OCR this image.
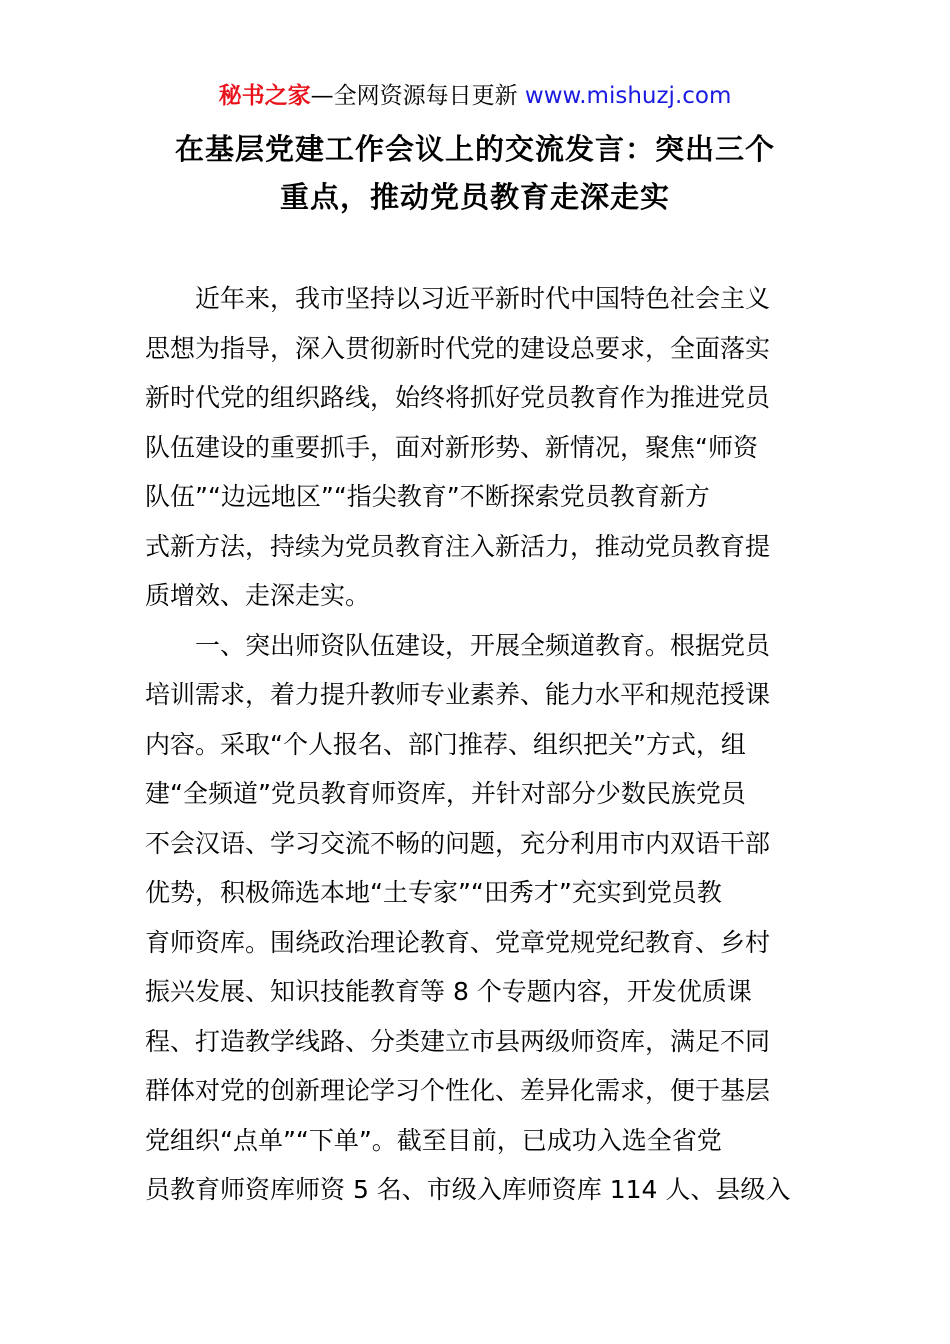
秘书之家—全网资源每日更新 www.mishuzj.com
在基层党建工作会议上的交流发言：突出三个
重点，推动党员教育走深走实
近年来，我市坚持以习近平新时代中国特色社会主义
思想为指导，深入贯彻新时代党的建设总要求，全面落实
新时代党的组织路线，始终将抓好党员教育作为推进党员
队伍建设的重要抓手，面对新形势、新情况，聚焦“师资
队伍”“边远地区”“指尖教育”不断探索党员教育新方
式新方法，持续为党员教育注入新活力，推动党员教育提
质增效、走深走实。
一、突出师资队伍建设，开展全频道教育。根据党员
培训需求，着力提升教师专业素养、能力水平和规范授课
内容。采取“个人报名、部门推荐、组织把关”方式，组
建“全频道”党员教育师资库，并针对部分少数民族党员
不会汉语、学习交流不畅的问题，充分利用市内双语干部
优势，积极筛选本地“土专家”“田秀才”充实到党员教
育师资库。围绕政治理论教育、党章党规党纪教育、乡村
振兴发展、知识技能教育等 8 个专题内容，开发优质课
程、打造教学线路、分类建立市县两级师资库，满足不同
群体对党的创新理论学习个性化、差异化需求，便于基层
党组织“点单”“下单”。截至目前，已成功入选全省党
员教育师资库师资 5 名、市级入库师资库 114 人、县级入
